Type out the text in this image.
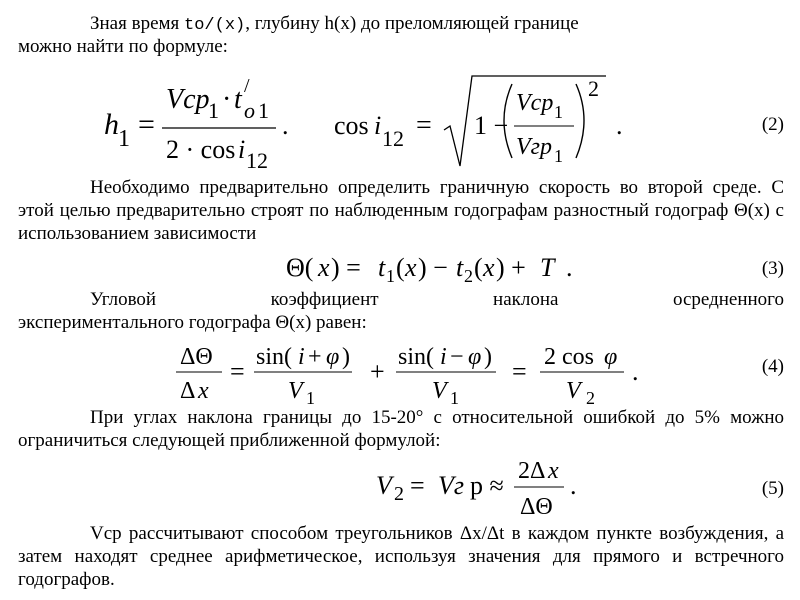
Зная время to/(x), глубину h(x) до преломляющей границе
можно найти по формуле:
h 1 =
Vcp
1 · t /
o 1
2 · cos i 12
. cos i 12 = 1 −
Vcp 1
Vгр 1
2
.	(2)
Необходимо предварительно определить граничную скорость во второй среде. С этой целью предварительно строят по наблюденным годографам разностный годограф Θ(x) с использованием зависимости
Θ( x ) = t 1 ( x ) − t 2 ( x ) + T .	(3)
Угловой коэффициент наклона осредненного
экспериментального годографа Θ(x) равен:
ΔΘ
Δ x
= sin( i + φ )
V 1
+ sin( i − φ )
V 1
= 2 cos φ
V 2
.	(4)
При углах наклона границы до 15-20° с относительной ошибкой до 5% можно ограничиться следующей приближенной формулой:
V 2 = Vг р ≈ 2Δ x
ΔΘ
.	(5)
Vср рассчитывают способом треугольников Δx/Δt в каждом пункте возбуждения, а затем находят среднее арифметическое, используя значения для прямого и встречного годографов.
